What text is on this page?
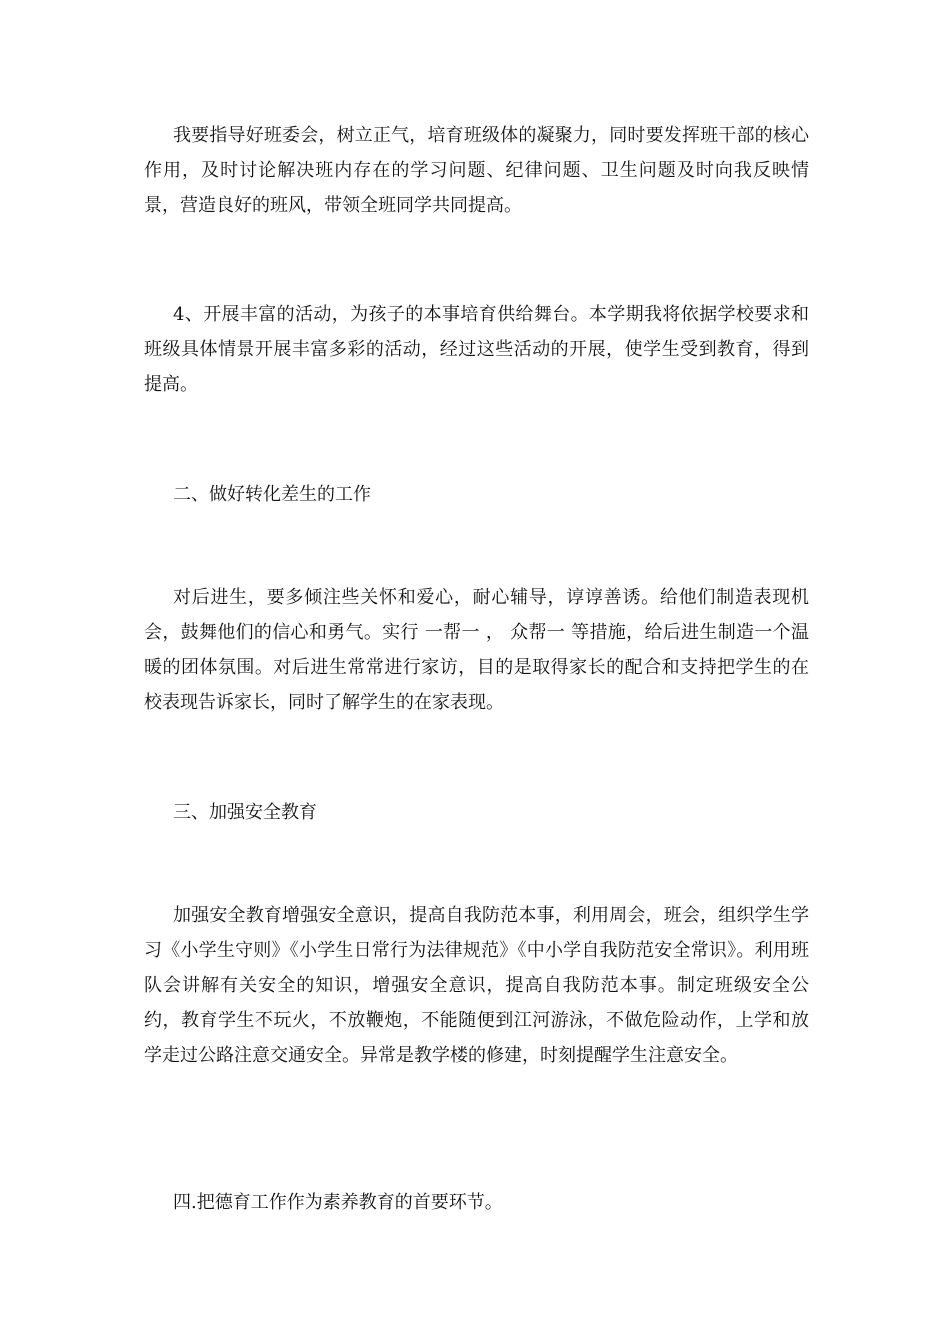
我要指导好班委会，树立正气，培育班级体的凝聚力，同时要发挥班干部的核心作用，及时讨论解决班内存在的学习问题、纪律问题、卫生问题及时向我反映情景，营造良好的班风，带领全班同学共同提高。

4、开展丰富的活动，为孩子的本事培育供给舞台。本学期我将依据学校要求和班级具体情景开展丰富多彩的活动，经过这些活动的开展，使学生受到教育，得到提高。

二、做好转化差生的工作

对后进生，要多倾注些关怀和爱心，耐心辅导，谆谆善诱。给他们制造表现机会，鼓舞他们的信心和勇气。实行 一帮一 ， 众帮一 等措施，给后进生制造一个温暖的团体氛围。对后进生常常进行家访，目的是取得家长的配合和支持把学生的在校表现告诉家长，同时了解学生的在家表现。

三、加强安全教育

加强安全教育增强安全意识，提高自我防范本事，利用周会，班会，组织学生学习《小学生守则》《小学生日常行为法律规范》《中小学自我防范安全常识》。利用班队会讲解有关安全的知识，增强安全意识，提高自我防范本事。制定班级安全公约，教育学生不玩火，不放鞭炮，不能随便到江河游泳，不做危险动作，上学和放学走过公路注意交通安全。异常是教学楼的修建，时刻提醒学生注意安全。

四.把德育工作作为素养教育的首要环节。
